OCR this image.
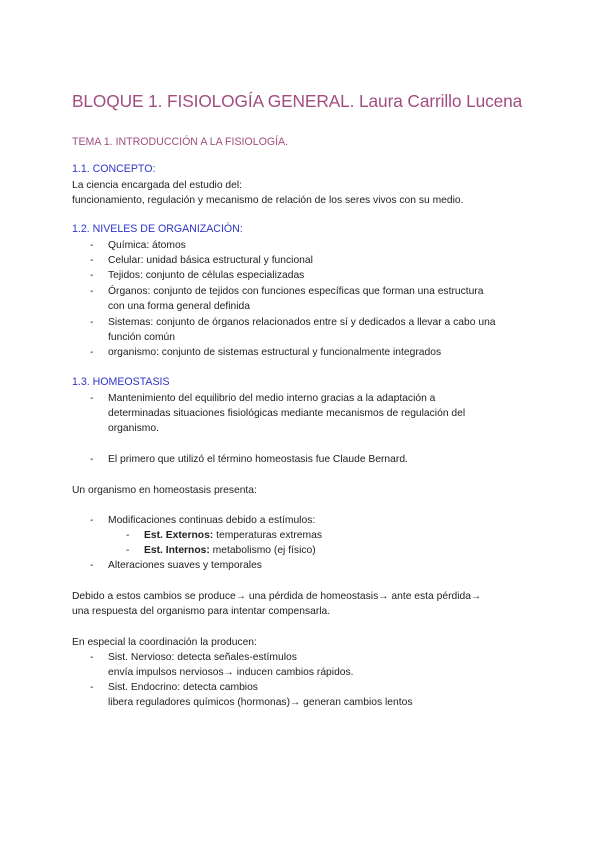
BLOQUE 1. FISIOLOGÍA GENERAL. Laura Carrillo Lucena
TEMA 1. INTRODUCCIÓN A LA FISIOLOGÍA.
1.1. CONCEPTO:
La ciencia encargada del estudio del:
funcionamiento, regulación y mecanismo de relación de los seres vivos con su medio.
1.2. NIVELES DE ORGANIZACIÓN:
- Química: átomos
- Celular: unidad básica estructural y funcional
- Tejidos: conjunto de células especializadas
- Órganos: conjunto de tejidos con funciones específicas que forman una estructura
con una forma general definida
- Sistemas: conjunto de órganos relacionados entre sí y dedicados a llevar a cabo una
función común
- organismo: conjunto de sistemas estructural y funcionalmente integrados
1.3. HOMEOSTASIS
- Mantenimiento del equilibrio del medio interno gracias a la adaptación a
determinadas situaciones fisiológicas mediante mecanismos de regulación del
organismo.
- El primero que utilizó el término homeostasis fue Claude Bernard.
Un organismo en homeostasis presenta:
- Modificaciones continuas debido a estímulos:
- Est. Externos: temperaturas extremas
- Est. Internos: metabolismo (ej físico)
- Alteraciones suaves y temporales
Debido a estos cambios se produce→ una pérdida de homeostasis→ ante esta pérdida→
una respuesta del organismo para intentar compensarla.
En especial la coordinación la producen:
- Sist. Nervioso: detecta señales-estímulos
envía impulsos nerviosos→ inducen cambios rápidos.
- Sist. Endocrino: detecta cambios
libera reguladores químicos (hormonas)→ generan cambios lentos
